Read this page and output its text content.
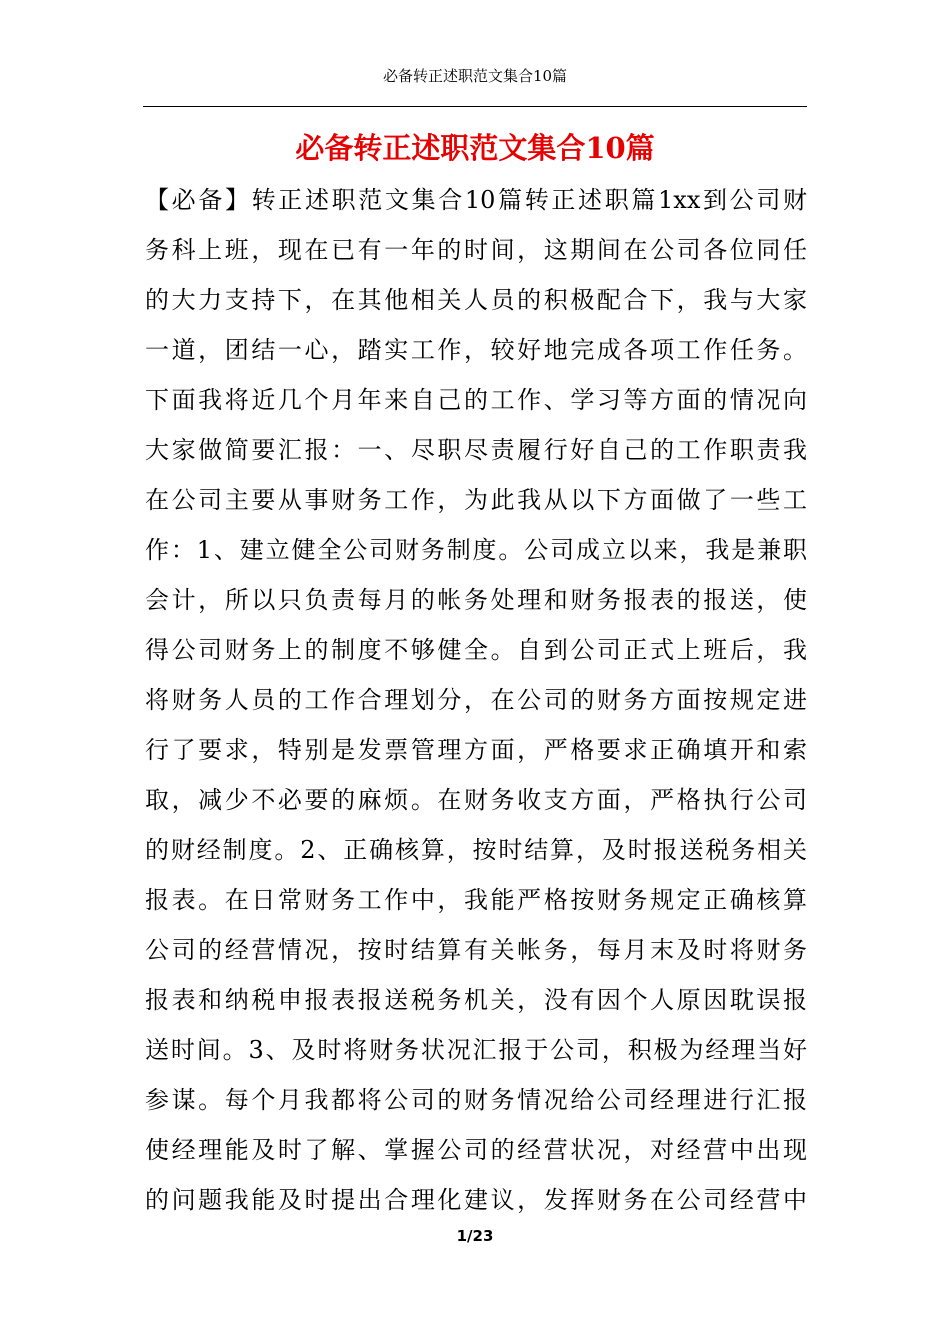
必备转正述职范文集合10篇
必备转正述职范文集合10篇
【必备】转正述职范文集合10篇转正述职篇1xx到公司财
务科上班，现在已有一年的时间，这期间在公司各位同任
的大力支持下，在其他相关人员的积极配合下，我与大家
一道，团结一心，踏实工作，较好地完成各项工作任务。
下面我将近几个月年来自己的工作、学习等方面的情况向
大家做简要汇报：一、尽职尽责履行好自己的工作职责我
在公司主要从事财务工作，为此我从以下方面做了一些工
作：1、建立健全公司财务制度。公司成立以来，我是兼职
会计，所以只负责每月的帐务处理和财务报表的报送，使
得公司财务上的制度不够健全。自到公司正式上班后，我
将财务人员的工作合理划分，在公司的财务方面按规定进
行了要求，特别是发票管理方面，严格要求正确填开和索
取，减少不必要的麻烦。在财务收支方面，严格执行公司
的财经制度。2、正确核算，按时结算，及时报送税务相关
报表。在日常财务工作中，我能严格按财务规定正确核算
公司的经营情况，按时结算有关帐务，每月末及时将财务
报表和纳税申报表报送税务机关，没有因个人原因耽误报
送时间。3、及时将财务状况汇报于公司，积极为经理当好
参谋。每个月我都将公司的财务情况给公司经理进行汇报
使经理能及时了解、掌握公司的经营状况，对经营中出现
的问题我能及时提出合理化建议，发挥财务在公司经营中
1/23
